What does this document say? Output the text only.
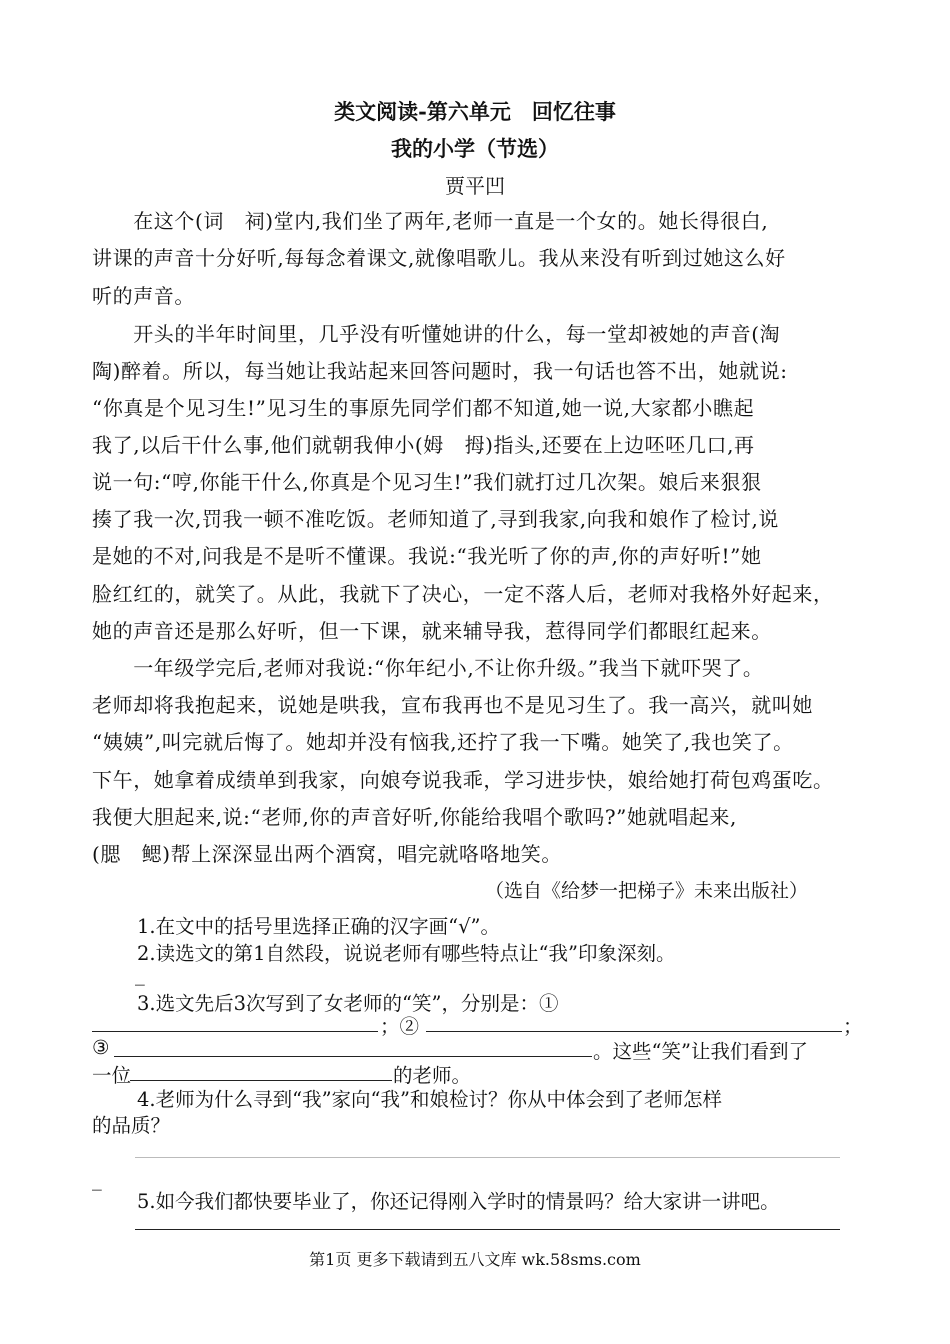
类文阅读-第六单元　回忆往事
我的小学（节选）
贾平凹
　　在这个(词　祠)堂内,我们坐了两年,老师一直是一个女的。她长得很白,
讲课的声音十分好听,每每念着课文,就像唱歌儿。我从来没有听到过她这么好
听的声音。
　　开头的半年时间里，几乎没有听懂她讲的什么，每一堂却被她的声音(淘
陶)醉着。所以，每当她让我站起来回答问题时，我一句话也答不出，她就说:
“你真是个见习生!”见习生的事原先同学们都不知道,她一说,大家都小瞧起
我了,以后干什么事,他们就朝我伸小(姆　拇)指头,还要在上边呸呸几口,再
说一句:“哼,你能干什么,你真是个见习生!”我们就打过几次架。娘后来狠狠
揍了我一次,罚我一顿不准吃饭。老师知道了,寻到我家,向我和娘作了检讨,说
是她的不对,问我是不是听不懂课。我说:“我光听了你的声,你的声好听!”她
脸红红的，就笑了。从此，我就下了决心，一定不落人后，老师对我格外好起来，
她的声音还是那么好听，但一下课，就来辅导我，惹得同学们都眼红起来。
　　一年级学完后,老师对我说:“你年纪小,不让你升级。”我当下就吓哭了。
老师却将我抱起来，说她是哄我，宣布我再也不是见习生了。我一高兴，就叫她
“姨姨”,叫完就后悔了。她却并没有恼我,还拧了我一下嘴。她笑了,我也笑了。
下午，她拿着成绩单到我家，向娘夸说我乖，学习进步快，娘给她打荷包鸡蛋吃。
我便大胆起来,说:“老师,你的声音好听,你能给我唱个歌吗?”她就唱起来,
(腮　鳃)帮上深深显出两个酒窝，唱完就咯咯地笑。
（选自《给梦一把梯子》未来出版社）
1.在文中的括号里选择正确的汉字画“√”。
2.读选文的第1自然段，说说老师有哪些特点让“我”印象深刻。
_
3.选文先后3次写到了女老师的“笑”，分别是：①
；②	；
③	。这些“笑”让我们看到了
一位	的老师。
4.老师为什么寻到“我”家向“我”和娘检讨？你从中体会到了老师怎样
的品质？
_
5.如今我们都快要毕业了，你还记得刚入学时的情景吗？给大家讲一讲吧。
第1页 更多下载请到五八文库 wk.58sms.com
